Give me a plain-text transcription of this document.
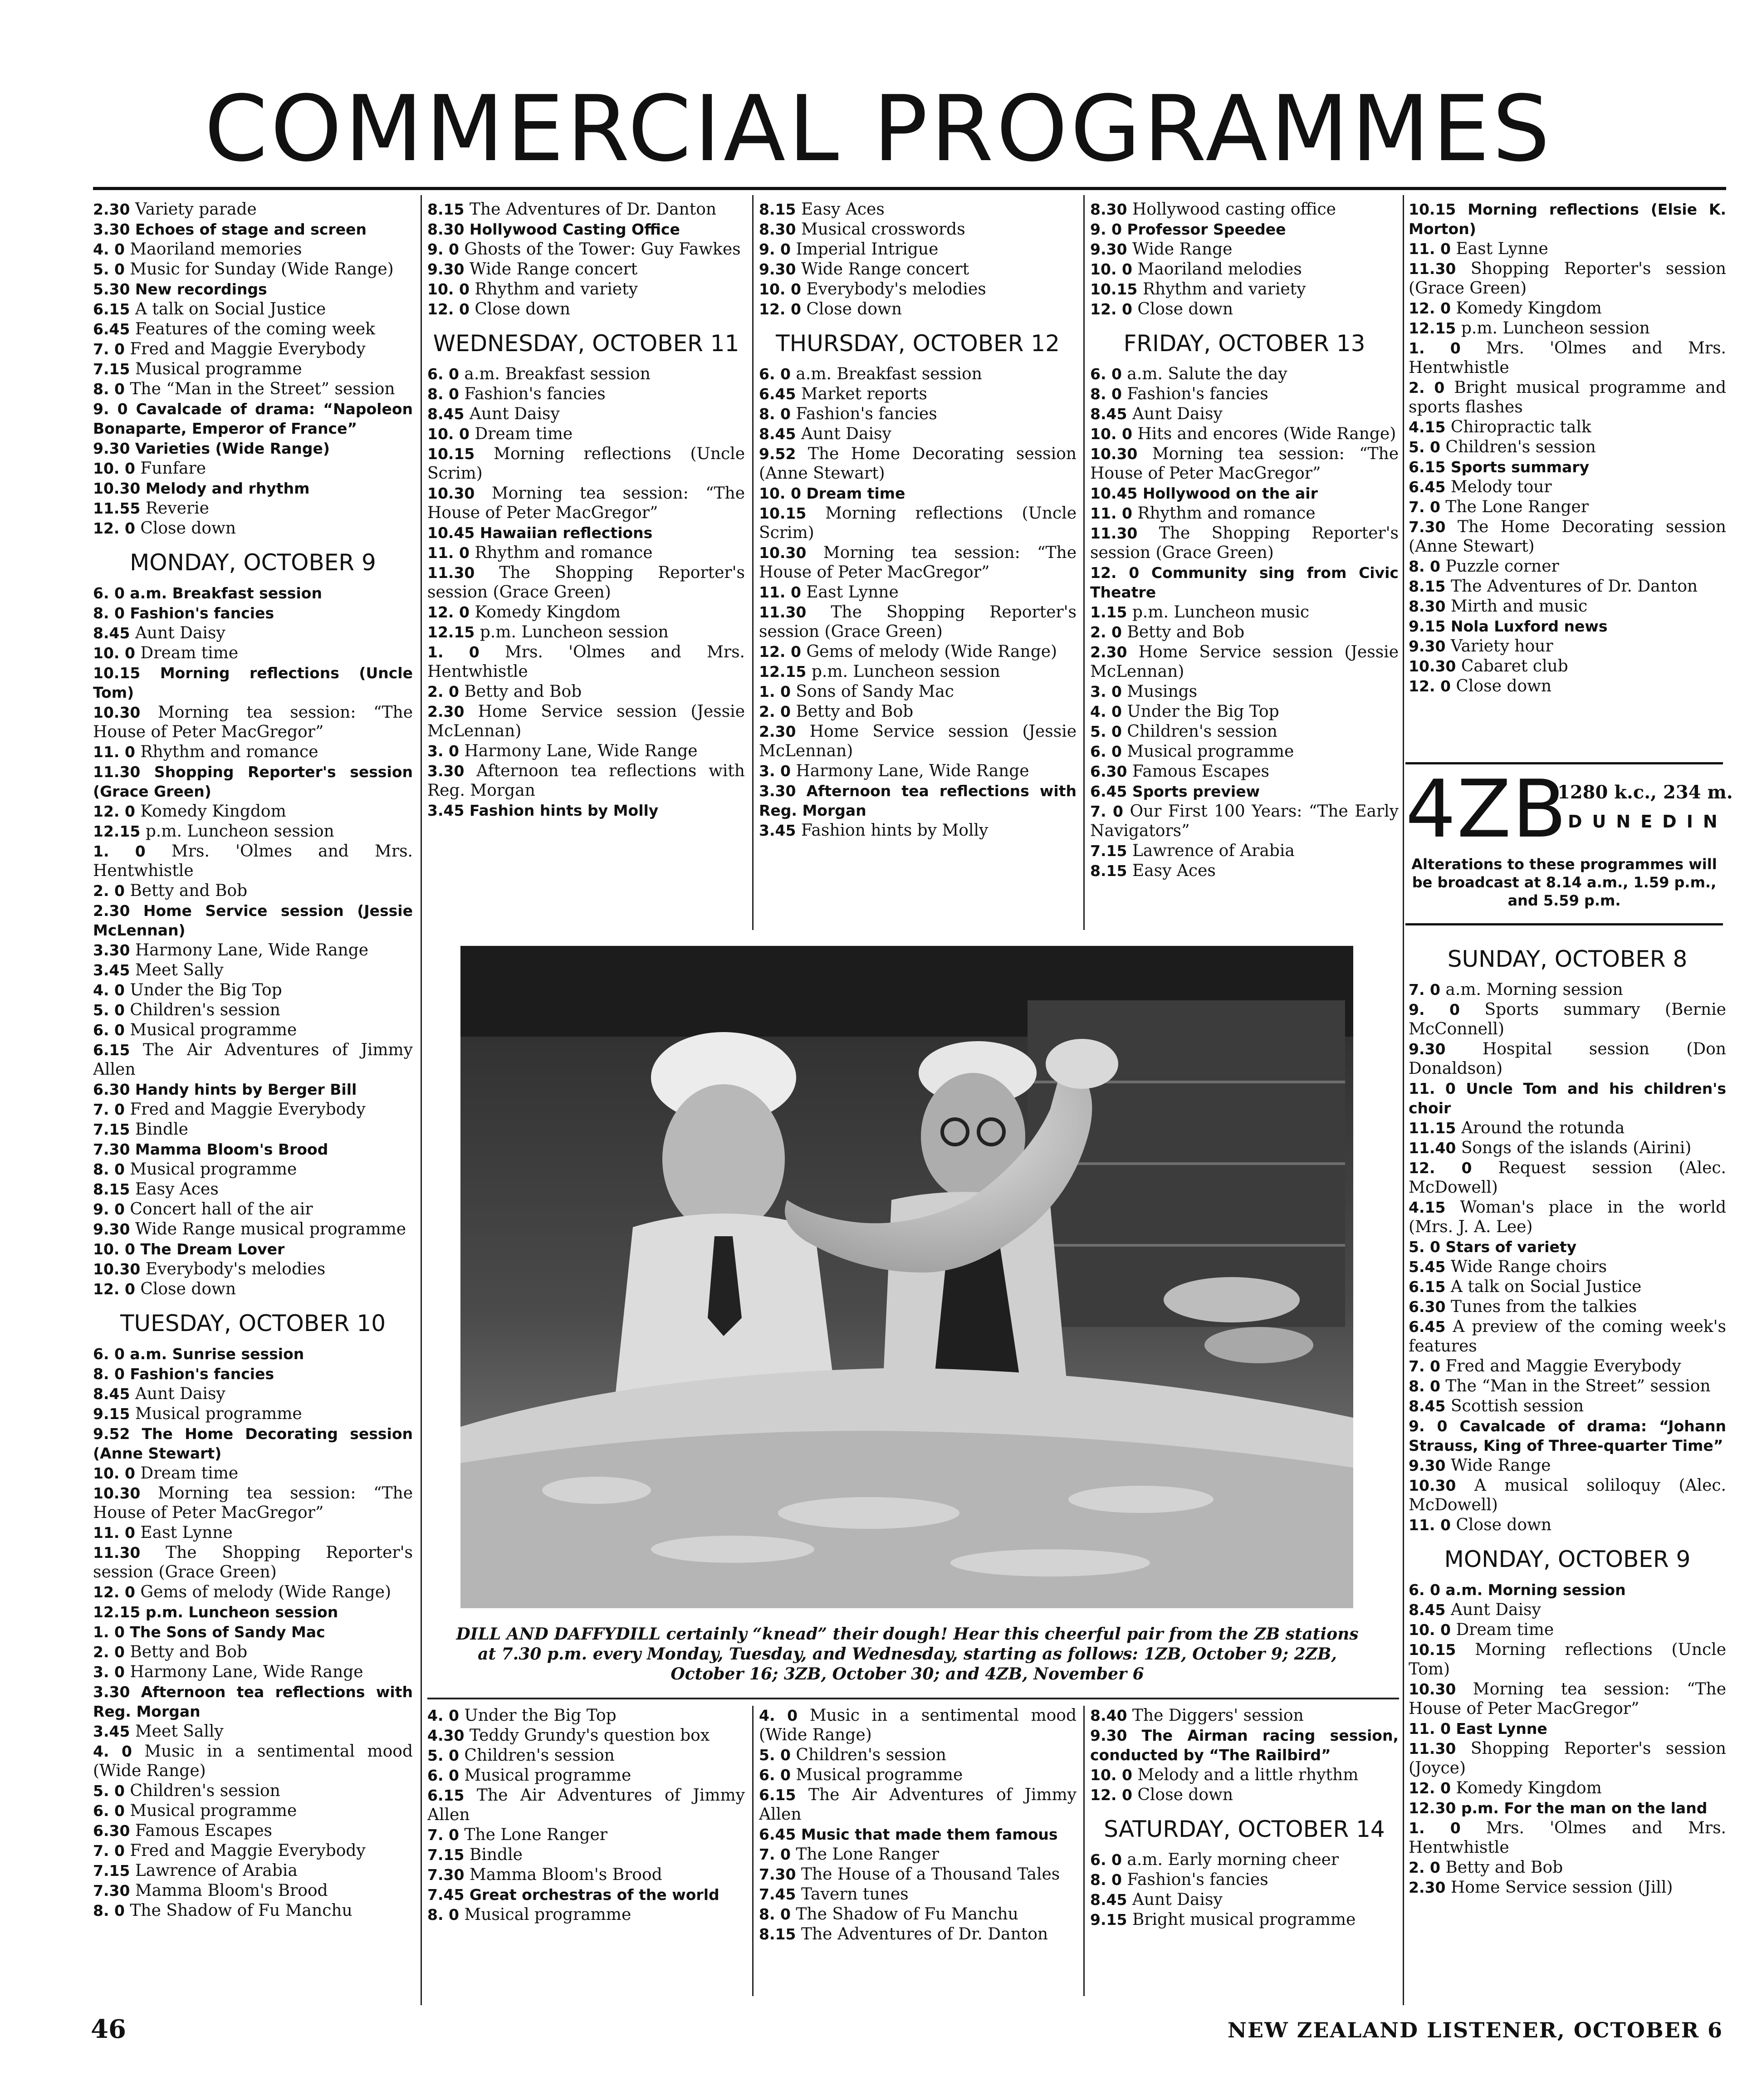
COMMERCIAL PROGRAMMES
2.30 Variety parade
3.30 Echoes of stage and screen
4. 0 Maoriland memories
5. 0 Music for Sunday (Wide Range)
5.30 New recordings
6.15 A talk on Social Justice
6.45 Features of the coming week
7. 0 Fred and Maggie Everybody
7.15 Musical programme
8. 0 The “Man in the Street” session
9. 0 Cavalcade of drama: “Napoleon Bonaparte, Emperor of France”
9.30 Varieties (Wide Range)
10. 0 Funfare
10.30 Melody and rhythm
11.55 Reverie
12. 0 Close down
MONDAY, OCTOBER 9
6. 0 a.m. Breakfast session
8. 0 Fashion's fancies
8.45 Aunt Daisy
10. 0 Dream time
10.15 Morning reflections (Uncle Tom)
10.30 Morning tea session: “The House of Peter MacGregor”
11. 0 Rhythm and romance
11.30 Shopping Reporter's session (Grace Green)
12. 0 Komedy Kingdom
12.15 p.m. Luncheon session
1. 0 Mrs. 'Olmes and Mrs. Hentwhistle
2. 0 Betty and Bob
2.30 Home Service session (Jessie McLennan)
3.30 Harmony Lane, Wide Range
3.45 Meet Sally
4. 0 Under the Big Top
5. 0 Children's session
6. 0 Musical programme
6.15 The Air Adventures of Jimmy Allen
6.30 Handy hints by Berger Bill
7. 0 Fred and Maggie Everybody
7.15 Bindle
7.30 Mamma Bloom's Brood
8. 0 Musical programme
8.15 Easy Aces
9. 0 Concert hall of the air
9.30 Wide Range musical programme
10. 0 The Dream Lover
10.30 Everybody's melodies
12. 0 Close down
TUESDAY, OCTOBER 10
6. 0 a.m. Sunrise session
8. 0 Fashion's fancies
8.45 Aunt Daisy
9.15 Musical programme
9.52 The Home Decorating session (Anne Stewart)
10. 0 Dream time
10.30 Morning tea session: “The House of Peter MacGregor”
11. 0 East Lynne
11.30 The Shopping Reporter's session (Grace Green)
12. 0 Gems of melody (Wide Range)
12.15 p.m. Luncheon session
1. 0 The Sons of Sandy Mac
2. 0 Betty and Bob
3. 0 Harmony Lane, Wide Range
3.30 Afternoon tea reflections with Reg. Morgan
3.45 Meet Sally
4. 0 Music in a sentimental mood (Wide Range)
5. 0 Children's session
6. 0 Musical programme
6.30 Famous Escapes
7. 0 Fred and Maggie Everybody
7.15 Lawrence of Arabia
7.30 Mamma Bloom's Brood
8. 0 The Shadow of Fu Manchu
8.15 The Adventures of Dr. Danton
8.30 Hollywood Casting Office
9. 0 Ghosts of the Tower: Guy Fawkes
9.30 Wide Range concert
10. 0 Rhythm and variety
12. 0 Close down
WEDNESDAY, OCTOBER 11
6. 0 a.m. Breakfast session
8. 0 Fashion's fancies
8.45 Aunt Daisy
10. 0 Dream time
10.15 Morning reflections (Uncle Scrim)
10.30 Morning tea session: “The House of Peter MacGregor”
10.45 Hawaiian reflections
11. 0 Rhythm and romance
11.30 The Shopping Reporter's session (Grace Green)
12. 0 Komedy Kingdom
12.15 p.m. Luncheon session
1. 0 Mrs. 'Olmes and Mrs. Hentwhistle
2. 0 Betty and Bob
2.30 Home Service session (Jessie McLennan)
3. 0 Harmony Lane, Wide Range
3.30 Afternoon tea reflections with Reg. Morgan
3.45 Fashion hints by Molly
8.15 Easy Aces
8.30 Musical crosswords
9. 0 Imperial Intrigue
9.30 Wide Range concert
10. 0 Everybody's melodies
12. 0 Close down
THURSDAY, OCTOBER 12
6. 0 a.m. Breakfast session
6.45 Market reports
8. 0 Fashion's fancies
8.45 Aunt Daisy
9.52 The Home Decorating session (Anne Stewart)
10. 0 Dream time
10.15 Morning reflections (Uncle Scrim)
10.30 Morning tea session: “The House of Peter MacGregor”
11. 0 East Lynne
11.30 The Shopping Reporter's session (Grace Green)
12. 0 Gems of melody (Wide Range)
12.15 p.m. Luncheon session
1. 0 Sons of Sandy Mac
2. 0 Betty and Bob
2.30 Home Service session (Jessie McLennan)
3. 0 Harmony Lane, Wide Range
3.30 Afternoon tea reflections with Reg. Morgan
3.45 Fashion hints by Molly
8.30 Hollywood casting office
9. 0 Professor Speedee
9.30 Wide Range
10. 0 Maoriland melodies
10.15 Rhythm and variety
12. 0 Close down
FRIDAY, OCTOBER 13
6. 0 a.m. Salute the day
8. 0 Fashion's fancies
8.45 Aunt Daisy
10. 0 Hits and encores (Wide Range)
10.30 Morning tea session: “The House of Peter MacGregor”
10.45 Hollywood on the air
11. 0 Rhythm and romance
11.30 The Shopping Reporter's session (Grace Green)
12. 0 Community sing from Civic Theatre
1.15 p.m. Luncheon music
2. 0 Betty and Bob
2.30 Home Service session (Jessie McLennan)
3. 0 Musings
4. 0 Under the Big Top
5. 0 Children's session
6. 0 Musical programme
6.30 Famous Escapes
6.45 Sports preview
7. 0 Our First 100 Years: “The Early Navigators”
7.15 Lawrence of Arabia
8.15 Easy Aces
10.15 Morning reflections (Elsie K. Morton)
11. 0 East Lynne
11.30 Shopping Reporter's session (Grace Green)
12. 0 Komedy Kingdom
12.15 p.m. Luncheon session
1. 0 Mrs. 'Olmes and Mrs. Hentwhistle
2. 0 Bright musical programme and sports flashes
4.15 Chiropractic talk
5. 0 Children's session
6.15 Sports summary
6.45 Melody tour
7. 0 The Lone Ranger
7.30 The Home Decorating session (Anne Stewart)
8. 0 Puzzle corner
8.15 The Adventures of Dr. Danton
8.30 Mirth and music
9.15 Nola Luxford news
9.30 Variety hour
10.30 Cabaret club
12. 0 Close down
4ZB
1280 k.c., 234 m.
DUNEDIN
Alterations to these programmes will be broadcast at 8.14 a.m., 1.59 p.m., and 5.59 p.m.
SUNDAY, OCTOBER 8
7. 0 a.m. Morning session
9. 0 Sports summary (Bernie McConnell)
9.30 Hospital session (Don Donaldson)
11. 0 Uncle Tom and his children's choir
11.15 Around the rotunda
11.40 Songs of the islands (Airini)
12. 0 Request session (Alec. McDowell)
4.15 Woman's place in the world (Mrs. J. A. Lee)
5. 0 Stars of variety
5.45 Wide Range choirs
6.15 A talk on Social Justice
6.30 Tunes from the talkies
6.45 A preview of the coming week's features
7. 0 Fred and Maggie Everybody
8. 0 The “Man in the Street” session
8.45 Scottish session
9. 0 Cavalcade of drama: “Johann Strauss, King of Three-quarter Time”
9.30 Wide Range
10.30 A musical soliloquy (Alec. McDowell)
11. 0 Close down
MONDAY, OCTOBER 9
6. 0 a.m. Morning session
8.45 Aunt Daisy
10. 0 Dream time
10.15 Morning reflections (Uncle Tom)
10.30 Morning tea session: “The House of Peter MacGregor”
11. 0 East Lynne
11.30 Shopping Reporter's session (Joyce)
12. 0 Komedy Kingdom
12.30 p.m. For the man on the land
1. 0 Mrs. 'Olmes and Mrs. Hentwhistle
2. 0 Betty and Bob
2.30 Home Service session (Jill)
DILL AND DAFFYDILL certainly “knead” their dough! Hear this cheerful pair from the ZB stations at 7.30 p.m. every Monday, Tuesday, and Wednesday, starting as follows: 1ZB, October 9; 2ZB, October 16; 3ZB, October 30; and 4ZB, November 6
4. 0 Under the Big Top
4.30 Teddy Grundy's question box
5. 0 Children's session
6. 0 Musical programme
6.15 The Air Adventures of Jimmy Allen
7. 0 The Lone Ranger
7.15 Bindle
7.30 Mamma Bloom's Brood
7.45 Great orchestras of the world
8. 0 Musical programme
4. 0 Music in a sentimental mood (Wide Range)
5. 0 Children's session
6. 0 Musical programme
6.15 The Air Adventures of Jimmy Allen
6.45 Music that made them famous
7. 0 The Lone Ranger
7.30 The House of a Thousand Tales
7.45 Tavern tunes
8. 0 The Shadow of Fu Manchu
8.15 The Adventures of Dr. Danton
8.40 The Diggers' session
9.30 The Airman racing session, conducted by “The Railbird”
10. 0 Melody and a little rhythm
12. 0 Close down
SATURDAY, OCTOBER 14
6. 0 a.m. Early morning cheer
8. 0 Fashion's fancies
8.45 Aunt Daisy
9.15 Bright musical programme
46	NEW ZEALAND LISTENER, OCTOBER 6
